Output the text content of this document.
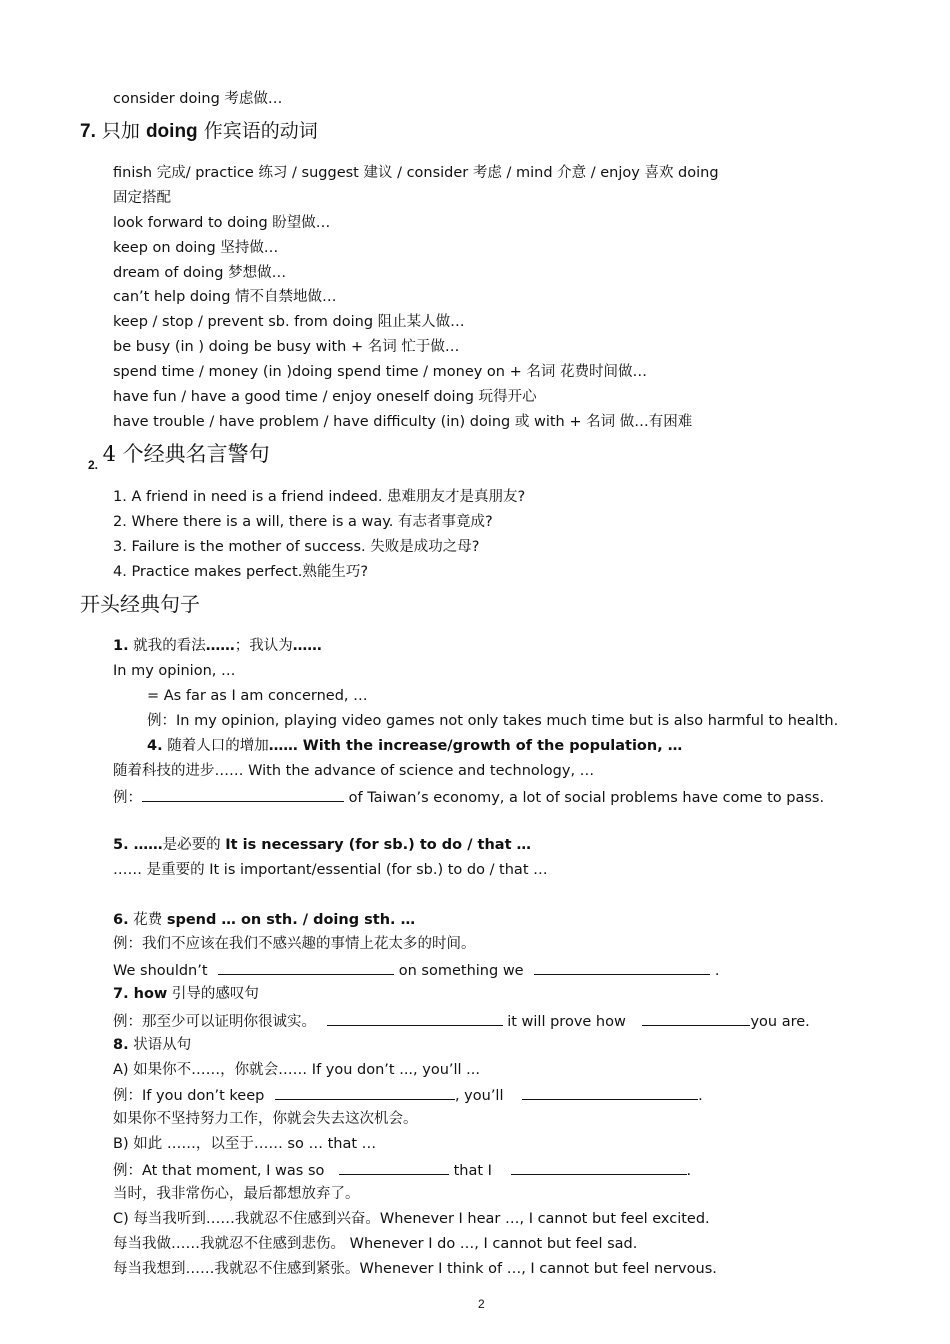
consider doing 考虑做…
7. 只加 doing 作宾语的动词
finish 完成/ practice 练习 / suggest 建议 / consider 考虑 / mind 介意 / enjoy 喜欢 doing
固定搭配
look forward to doing 盼望做…
keep on doing 坚持做…
dream of doing 梦想做…
can’t help doing 情不自禁地做…
keep / stop / prevent sb. from doing 阻止某人做…
be busy (in ) doing be busy with + 名词 忙于做…
spend time / money (in )doing spend time / money on + 名词 花费时间做…
have fun / have a good time / enjoy oneself doing 玩得开心
have trouble / have problem / have difficulty (in) doing 或 with + 名词 做…有困难
$_{2.}$ 4 个经典名言警句
1. A friend in need is a friend indeed. 患难朋友才是真朋友?
2. Where there is a will, there is a way. 有志者事竟成?
3. Failure is the mother of success. 失败是成功之母?
4. Practice makes perfect.熟能生巧?
开头经典句子
1. 就我的看法……；我认为……
In my opinion, …
= As far as I am concerned, …
例：In my opinion, playing video games not only takes much time but is also harmful to health.
4. 随着人口的增加…… With the increase/growth of the population, …
随着科技的进步…… With the advance of science and technology, …
例：	of Taiwan’s economy, a lot of social problems have come to pass.
5. ……是必要的 It is necessary (for sb.) to do / that …
…… 是重要的 It is important/essential (for sb.) to do / that …
6. 花费 spend … on sth. / doing sth. …
例：我们不应该在我们不感兴趣的事情上花太多的时间。
We shouldn’t	on something we	.
7. how 引导的感叹句
例：那至少可以证明你很诚实。	it will prove how	you are.
8. 状语从句
A) 如果你不……，你就会…… If you don’t ..., you’ll ...
例：If you don’t keep	, you’ll	.
如果你不坚持努力工作，你就会失去这次机会。
B) 如此 ……，以至于…… so … that …
例：At that moment, I was so	that I	.
当时，我非常伤心，最后都想放弃了。
C) 每当我听到……我就忍不住感到兴奋。Whenever I hear …, I cannot but feel excited.
每当我做……我就忍不住感到悲伤。 Whenever I do …, I cannot but feel sad.
每当我想到……我就忍不住感到紧张。Whenever I think of …, I cannot but feel nervous.
2
